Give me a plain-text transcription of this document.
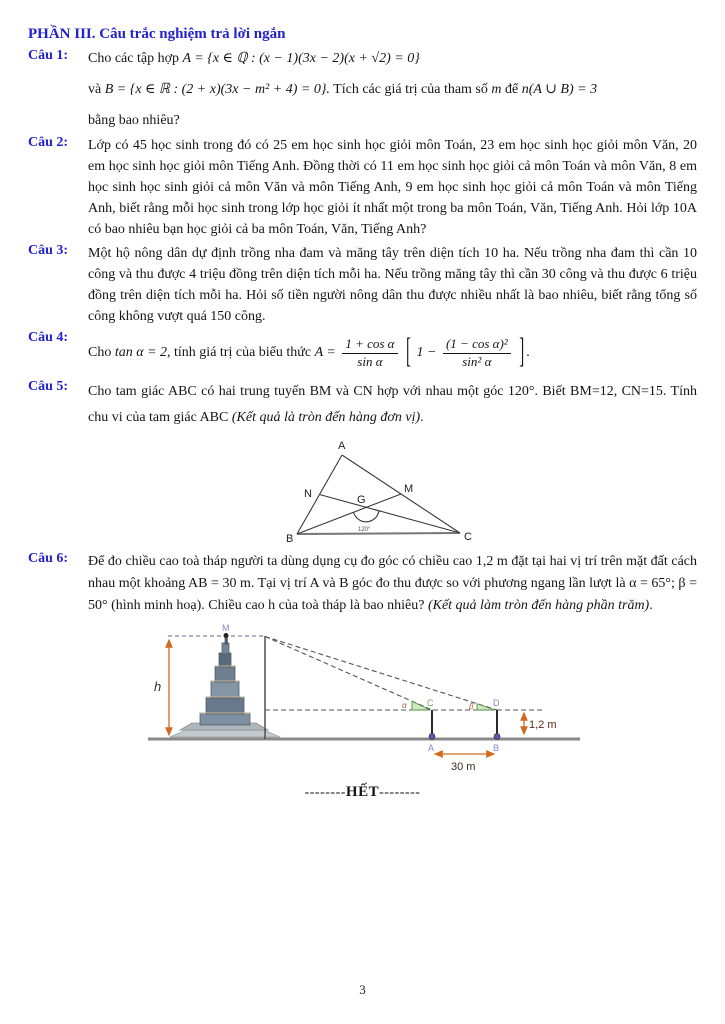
PHẦN III. Câu trắc nghiệm trả lời ngắn
Câu 1:	Cho các tập hợp A = {x ∈ ℚ : (x − 1)(3x − 2)(x + √2) = 0}
và B = {x ∈ ℝ : (2 + x)(3x − m² + 4) = 0}. Tích các giá trị của tham số m để n(A ∪ B) = 3
bằng bao nhiêu?
Câu 2:	Lớp có 45 học sinh trong đó có 25 em học sinh học giỏi môn Toán, 23 em học sinh học giỏi môn Văn, 20 em học sinh học giỏi môn Tiếng Anh. Đồng thời có 11 em học sinh học giỏi cả môn Toán và môn Văn, 8 em học sinh học sinh giỏi cả môn Văn và môn Tiếng Anh, 9 em học sinh học giỏi cả môn Toán và môn Tiếng Anh, biết rằng mỗi học sinh trong lớp học giỏi ít nhất một trong ba môn Toán, Văn, Tiếng Anh. Hỏi lớp 10A có bao nhiêu bạn học giỏi cả ba môn Toán, Văn, Tiếng Anh?
Câu 3:	Một hộ nông dân dự định trồng nha đam và măng tây trên diện tích 10 ha. Nếu trồng nha đam thì cần 10 công và thu được 4 triệu đồng trên diện tích mỗi ha. Nếu trồng măng tây thì cần 30 công và thu được 6 triệu đồng trên diện tích mỗi ha. Hỏi số tiền người nông dân thu được nhiều nhất là bao nhiêu, biết rằng tổng số công không vượt quá 150 công.
Câu 4:
Cho tan α = 2, tính giá trị của biểu thức $A = \frac{\text{1 + cos α}}{\text{sin α}}$ [ $1 - \frac{\text{(1 − cos α)²}}{\text{sin² α}}$ ] .
Câu 5:	Cho tam giác ABC có hai trung tuyến BM và CN hợp với nhau một góc 120°. Biết BM=12, CN=15. Tính chu vi của tam giác ABC (Kết quả là tròn đến hàng đơn vị).
A
B	C
N	M
G
120°
Câu 6:	Để đo chiều cao toà tháp người ta dùng dụng cụ đo góc có chiều cao 1,2 m đặt tại hai vị trí trên mặt đất cách nhau một khoảng AB = 30 m. Tại vị trí A và B góc đo thu được so với phương ngang lần lượt là α = 65°; β = 50° (hình minh hoạ). Chiều cao h của toà tháp là bao nhiêu? (Kết quả làm tròn đến hàng phần trăm).
M
h
α	β
C	D
A	B
1,2 m
30 m
--------HẾT--------
3
